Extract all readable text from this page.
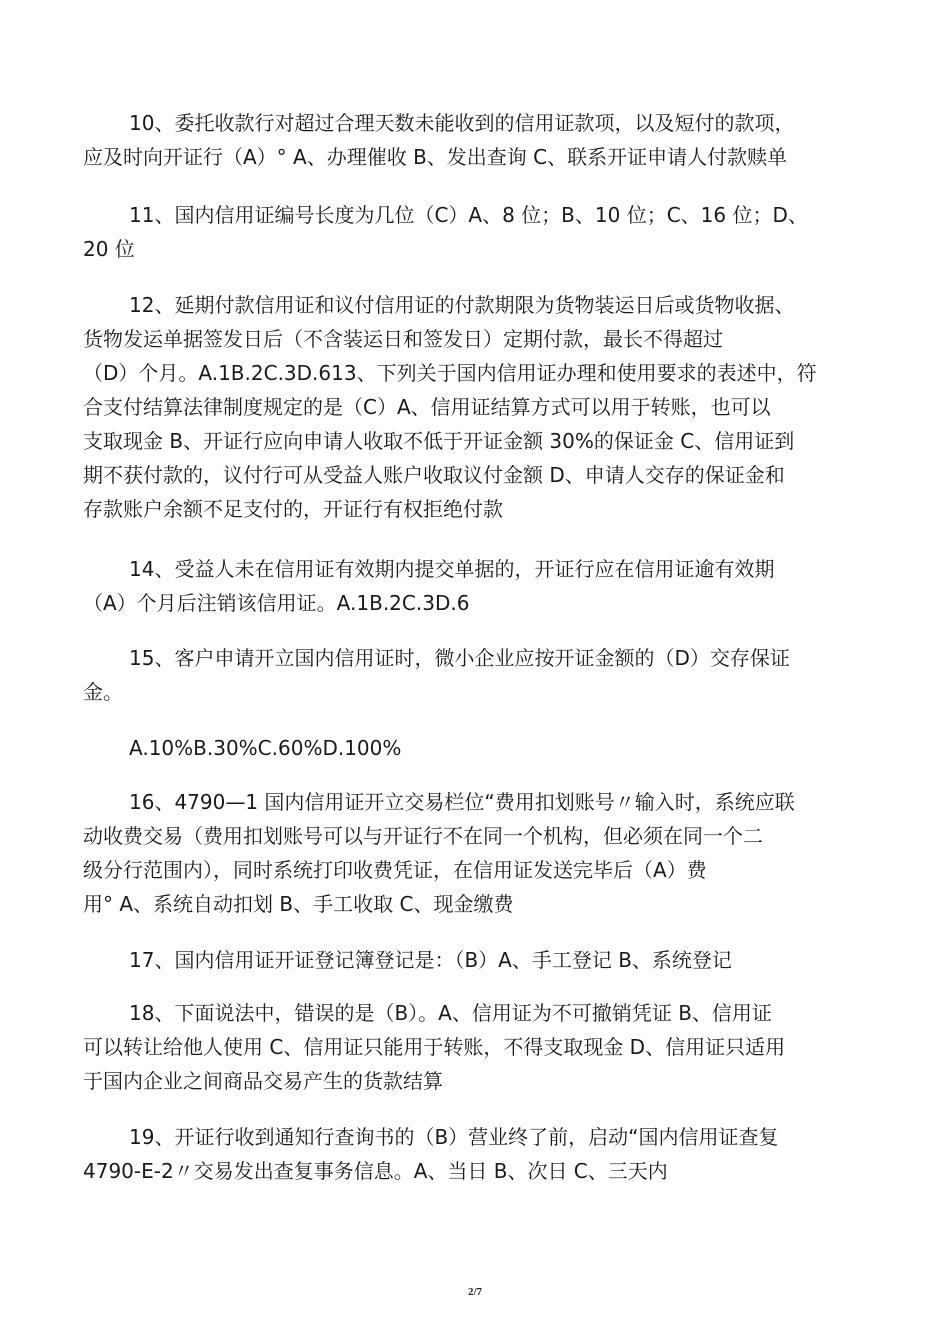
10、委托收款行对超过合理天数未能收到的信用证款项，以及短付的款项，
应及时向开证行（A）° A、办理催收 B、发出查询 C、联系开证申请人付款赎单

11、国内信用证编号长度为几位（C）A、8 位；B、10 位；C、16 位；D、
20 位

12、延期付款信用证和议付信用证的付款期限为货物装运日后或货物收据、
货物发运单据签发日后（不含装运日和签发日）定期付款，最长不得超过
（D）个月。A.1B.2C.3D.613、下列关于国内信用证办理和使用要求的表述中，符
合支付结算法律制度规定的是（C）A、信用证结算方式可以用于转账，也可以
支取现金 B、开证行应向申请人收取不低于开证金额 30%的保证金 C、信用证到
期不获付款的，议付行可从受益人账户收取议付金额 D、申请人交存的保证金和
存款账户余额不足支付的，开证行有权拒绝付款

14、受益人未在信用证有效期内提交单据的，开证行应在信用证逾有效期
（A）个月后注销该信用证。A.1B.2C.3D.6

15、客户申请开立国内信用证时，微小企业应按开证金额的（D）交存保证
金。

A.10%B.30%C.60%D.100%

16、4790—1 国内信用证开立交易栏位“费用扣划账号〃输入时，系统应联
动收费交易（费用扣划账号可以与开证行不在同一个机构，但必须在同一个二
级分行范围内），同时系统打印收费凭证，在信用证发送完毕后（A）费
用° A、系统自动扣划 B、手工收取 C、现金缴费

17、国内信用证开证登记簿登记是：（B）A、手工登记 B、系统登记

18、下面说法中，错误的是（B）。A、信用证为不可撤销凭证 B、信用证
可以转让给他人使用 C、信用证只能用于转账，不得支取现金 D、信用证只适用
于国内企业之间商品交易产生的货款结算

19、开证行收到通知行查询书的（B）营业终了前，启动“国内信用证查复
4790-E-2〃交易发出查复事务信息。A、当日 B、次日 C、三天内

2/7
